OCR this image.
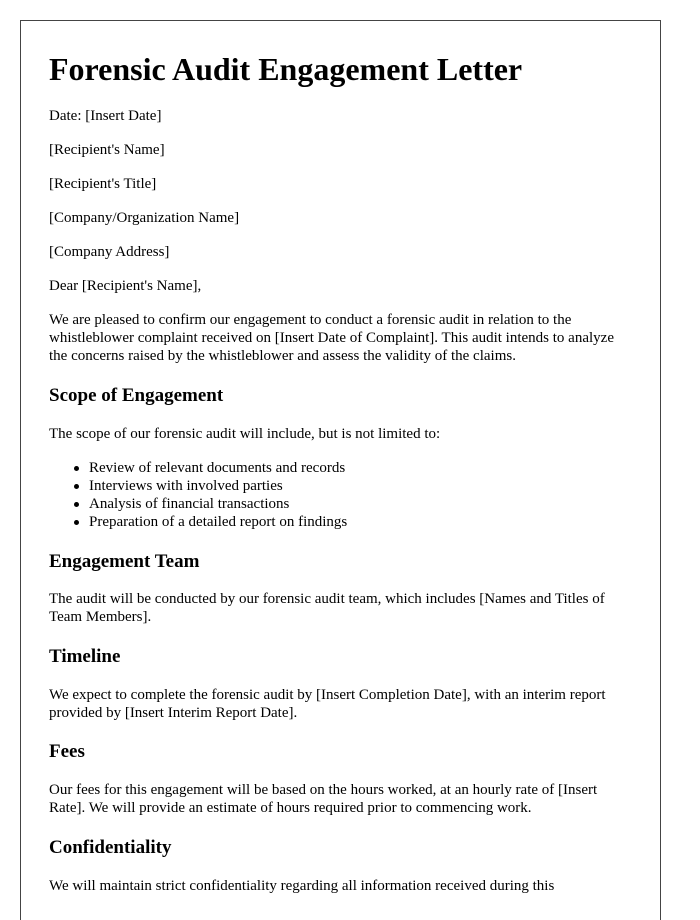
Forensic Audit Engagement Letter

Date: [Insert Date]

[Recipient's Name]

[Recipient's Title]

[Company/Organization Name]

[Company Address]

Dear [Recipient's Name],

We are pleased to confirm our engagement to conduct a forensic audit in relation to the whistleblower complaint received on [Insert Date of Complaint]. This audit intends to analyze the concerns raised by the whistleblower and assess the validity of the claims.

Scope of Engagement

The scope of our forensic audit will include, but is not limited to:

Review of relevant documents and records
Interviews with involved parties
Analysis of financial transactions
Preparation of a detailed report on findings
Engagement Team

The audit will be conducted by our forensic audit team, which includes [Names and Titles of Team Members].

Timeline

We expect to complete the forensic audit by [Insert Completion Date], with an interim report provided by [Insert Interim Report Date].

Fees

Our fees for this engagement will be based on the hours worked, at an hourly rate of [Insert Rate]. We will provide an estimate of hours required prior to commencing work.

Confidentiality

We will maintain strict confidentiality regarding all information received during this
